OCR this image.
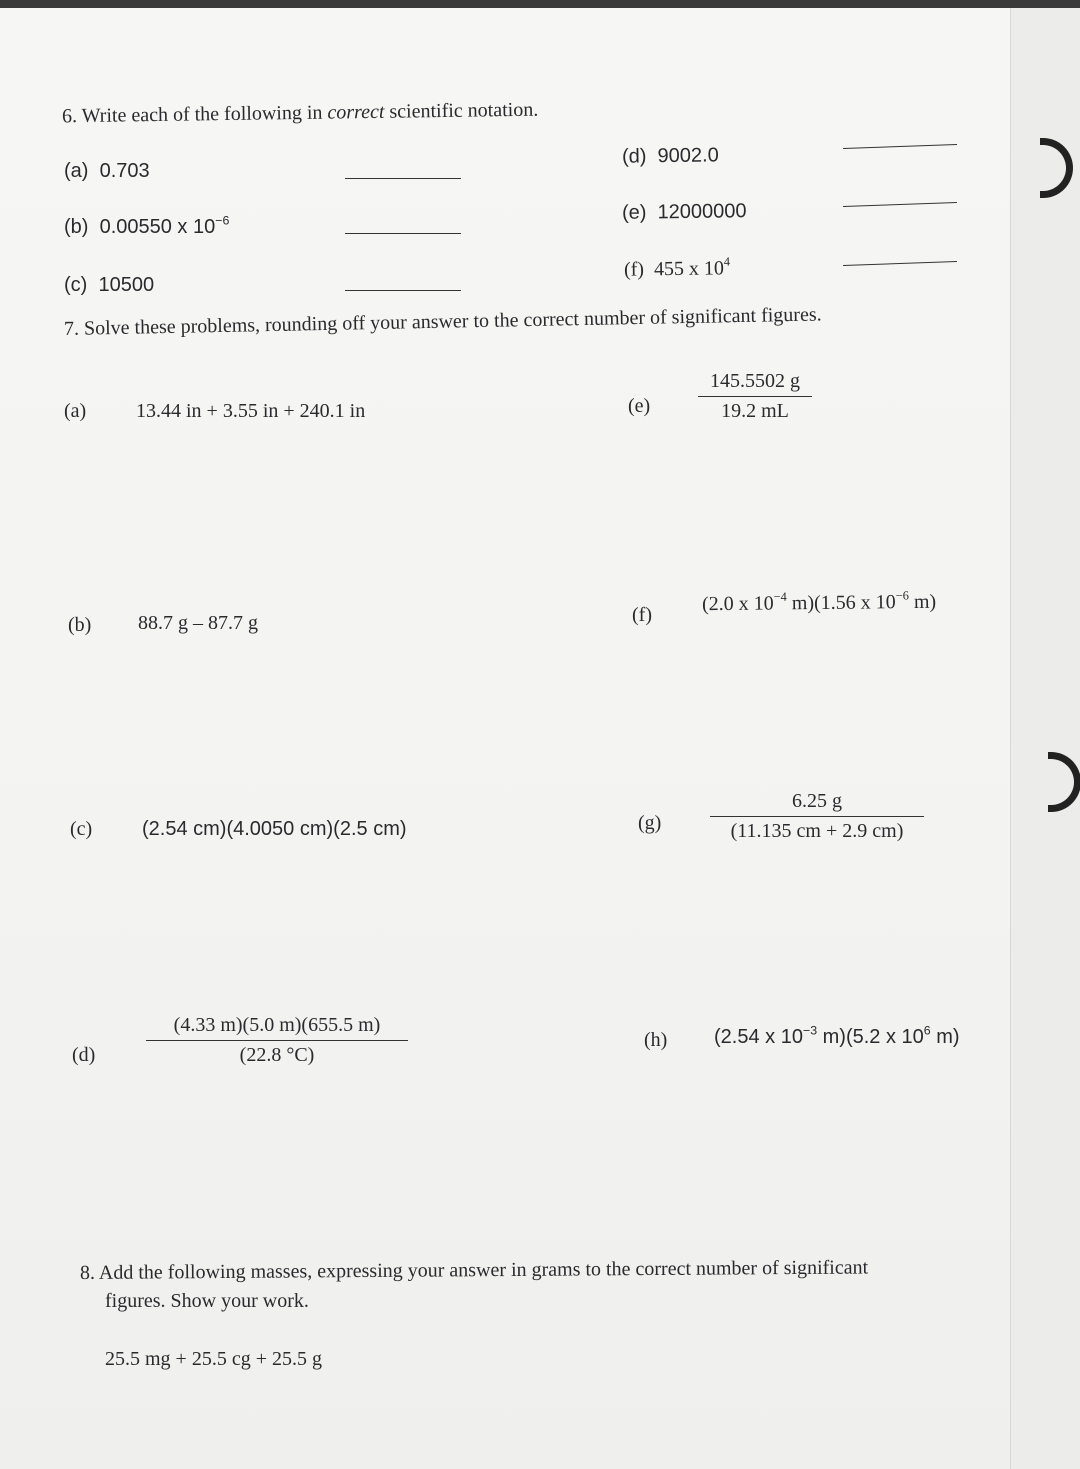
6. Write each of the following in correct scientific notation.
(a) 0.703
(b) 0.00550 x $10^{-6}$
(c) 10500
(d) 9002.0
(e) 12000000
(f) 455 x $10^4$
7. Solve these problems, rounding off your answer to the correct number of significant figures.
(a) 13.44 in + 3.55 in + 240.1 in	(e)
145.5502 g
19.2 mL
(b) 88.7 g – 87.7 g	(f) (2.0 x $10^{-4}$ m)(1.56 x $10^{-6}$ m)
(c) (2.54 cm)(4.0050 cm)(2.5 cm)	(g)
6.25 g
(11.135 cm + 2.9 cm)
(d)
(4.33 m)(5.0 m)(655.5 m)
(22.8 °C)
(h) (2.54 x $10^{-3}$ m)(5.2 x $10^6$ m)
8. Add the following masses, expressing your answer in grams to the correct number of significant
figures. Show your work.
25.5 mg + 25.5 cg + 25.5 g
